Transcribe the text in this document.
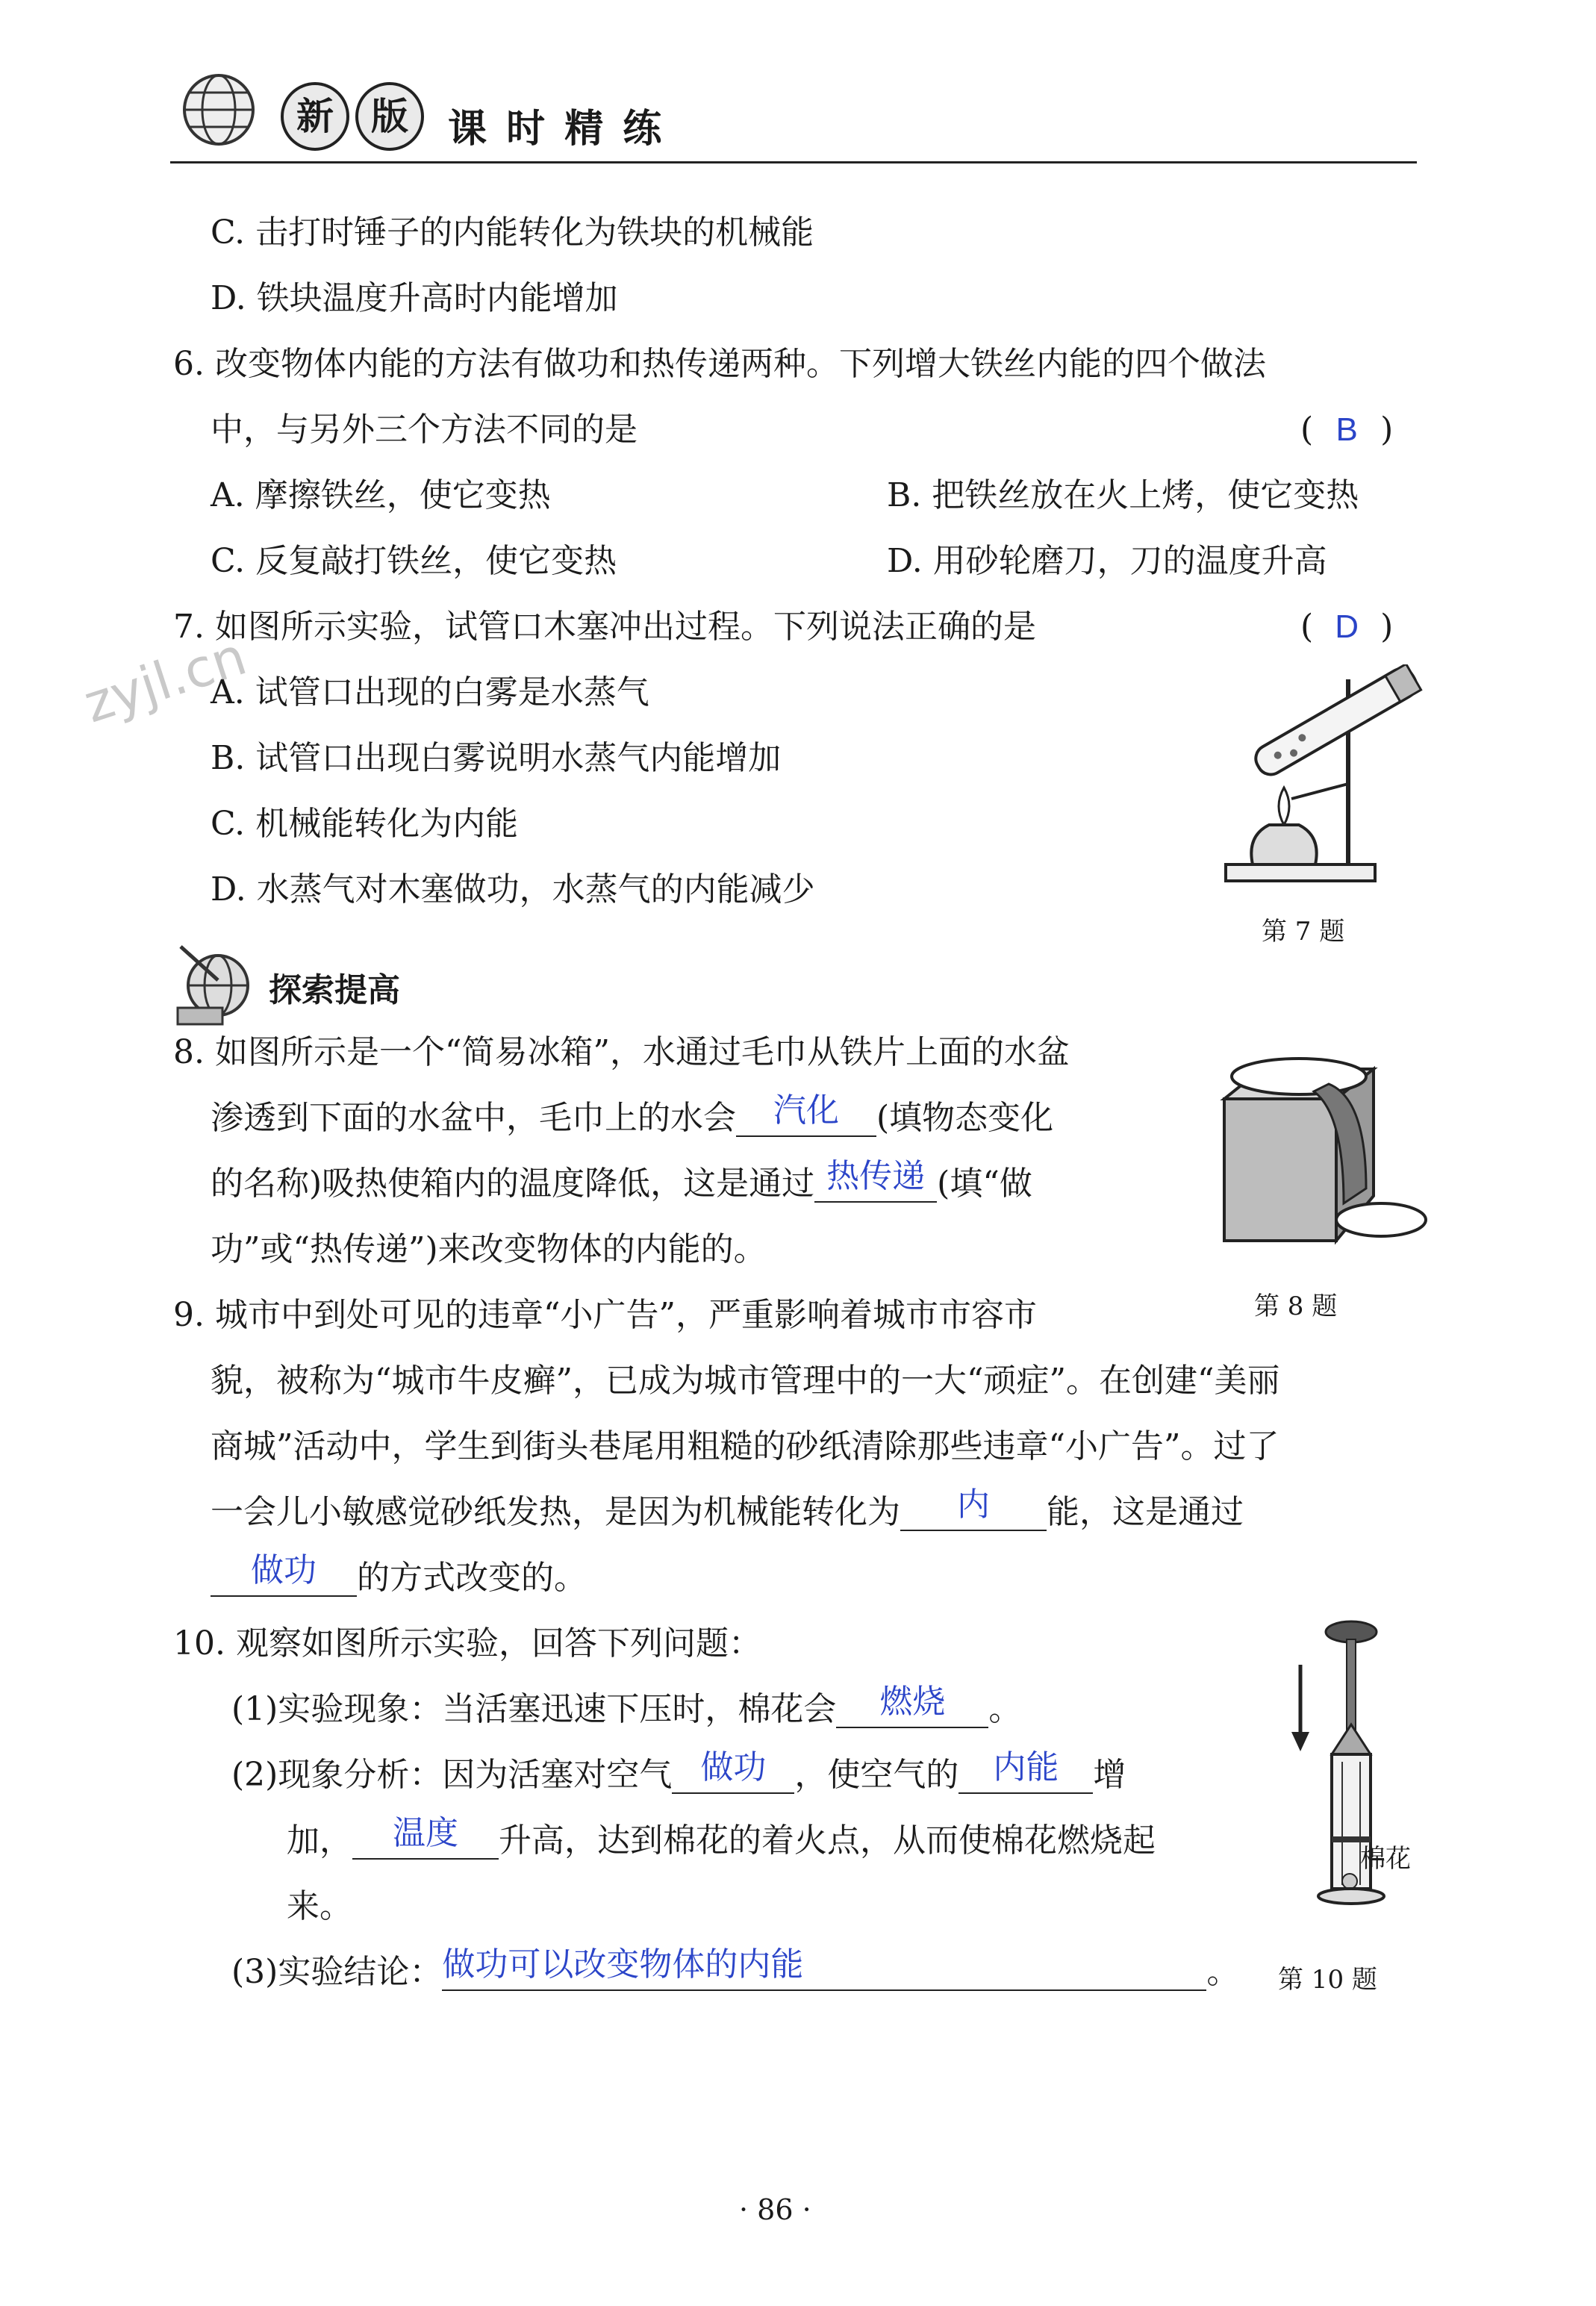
新	版	课 时 精 练
zyjl.cn
C. 击打时锤子的内能转化为铁块的机械能
D. 铁块温度升高时内能增加
6. 改变物体内能的方法有做功和热传递两种。下列增大铁丝内能的四个做法
中，与另外三个方法不同的是	( B )
A. 摩擦铁丝，使它变热	B. 把铁丝放在火上烤，使它变热
C. 反复敲打铁丝，使它变热	D. 用砂轮磨刀，刀的温度升高
7. 如图所示实验，试管口木塞冲出过程。下列说法正确的是	( D )
A. 试管口出现的白雾是水蒸气
B. 试管口出现白雾说明水蒸气内能增加
C. 机械能转化为内能
D. 水蒸气对木塞做功，水蒸气的内能减少
第 7 题
探索提高
8. 如图所示是一个“简易冰箱”，水通过毛巾从铁片上面的水盆
渗透到下面的水盆中，毛巾上的水会 汽化 (填物态变化
的名称)吸热使箱内的温度降低，这是通过 热传递 (填“做
功”或“热传递”)来改变物体的内能的。
第 8 题
9. 城市中到处可见的违章“小广告”，严重影响着城市市容市
貌，被称为“城市牛皮癣”，已成为城市管理中的一大“顽症”。在创建“美丽
商城”活动中，学生到街头巷尾用粗糙的砂纸清除那些违章“小广告”。过了
一会儿小敏感觉砂纸发热，是因为机械能转化为 内 能，这是通过
做功 的方式改变的。
10. 观察如图所示实验，回答下列问题：
(1)实验现象：当活塞迅速下压时，棉花会 燃烧 。
(2)现象分析：因为活塞对空气 做功 ，使空气的 内能 增
加， 温度 升高，达到棉花的着火点，从而使棉花燃烧起
来。
(3)实验结论：做功可以改变物体的内能	。
棉花
第 10 题
· 86 ·
